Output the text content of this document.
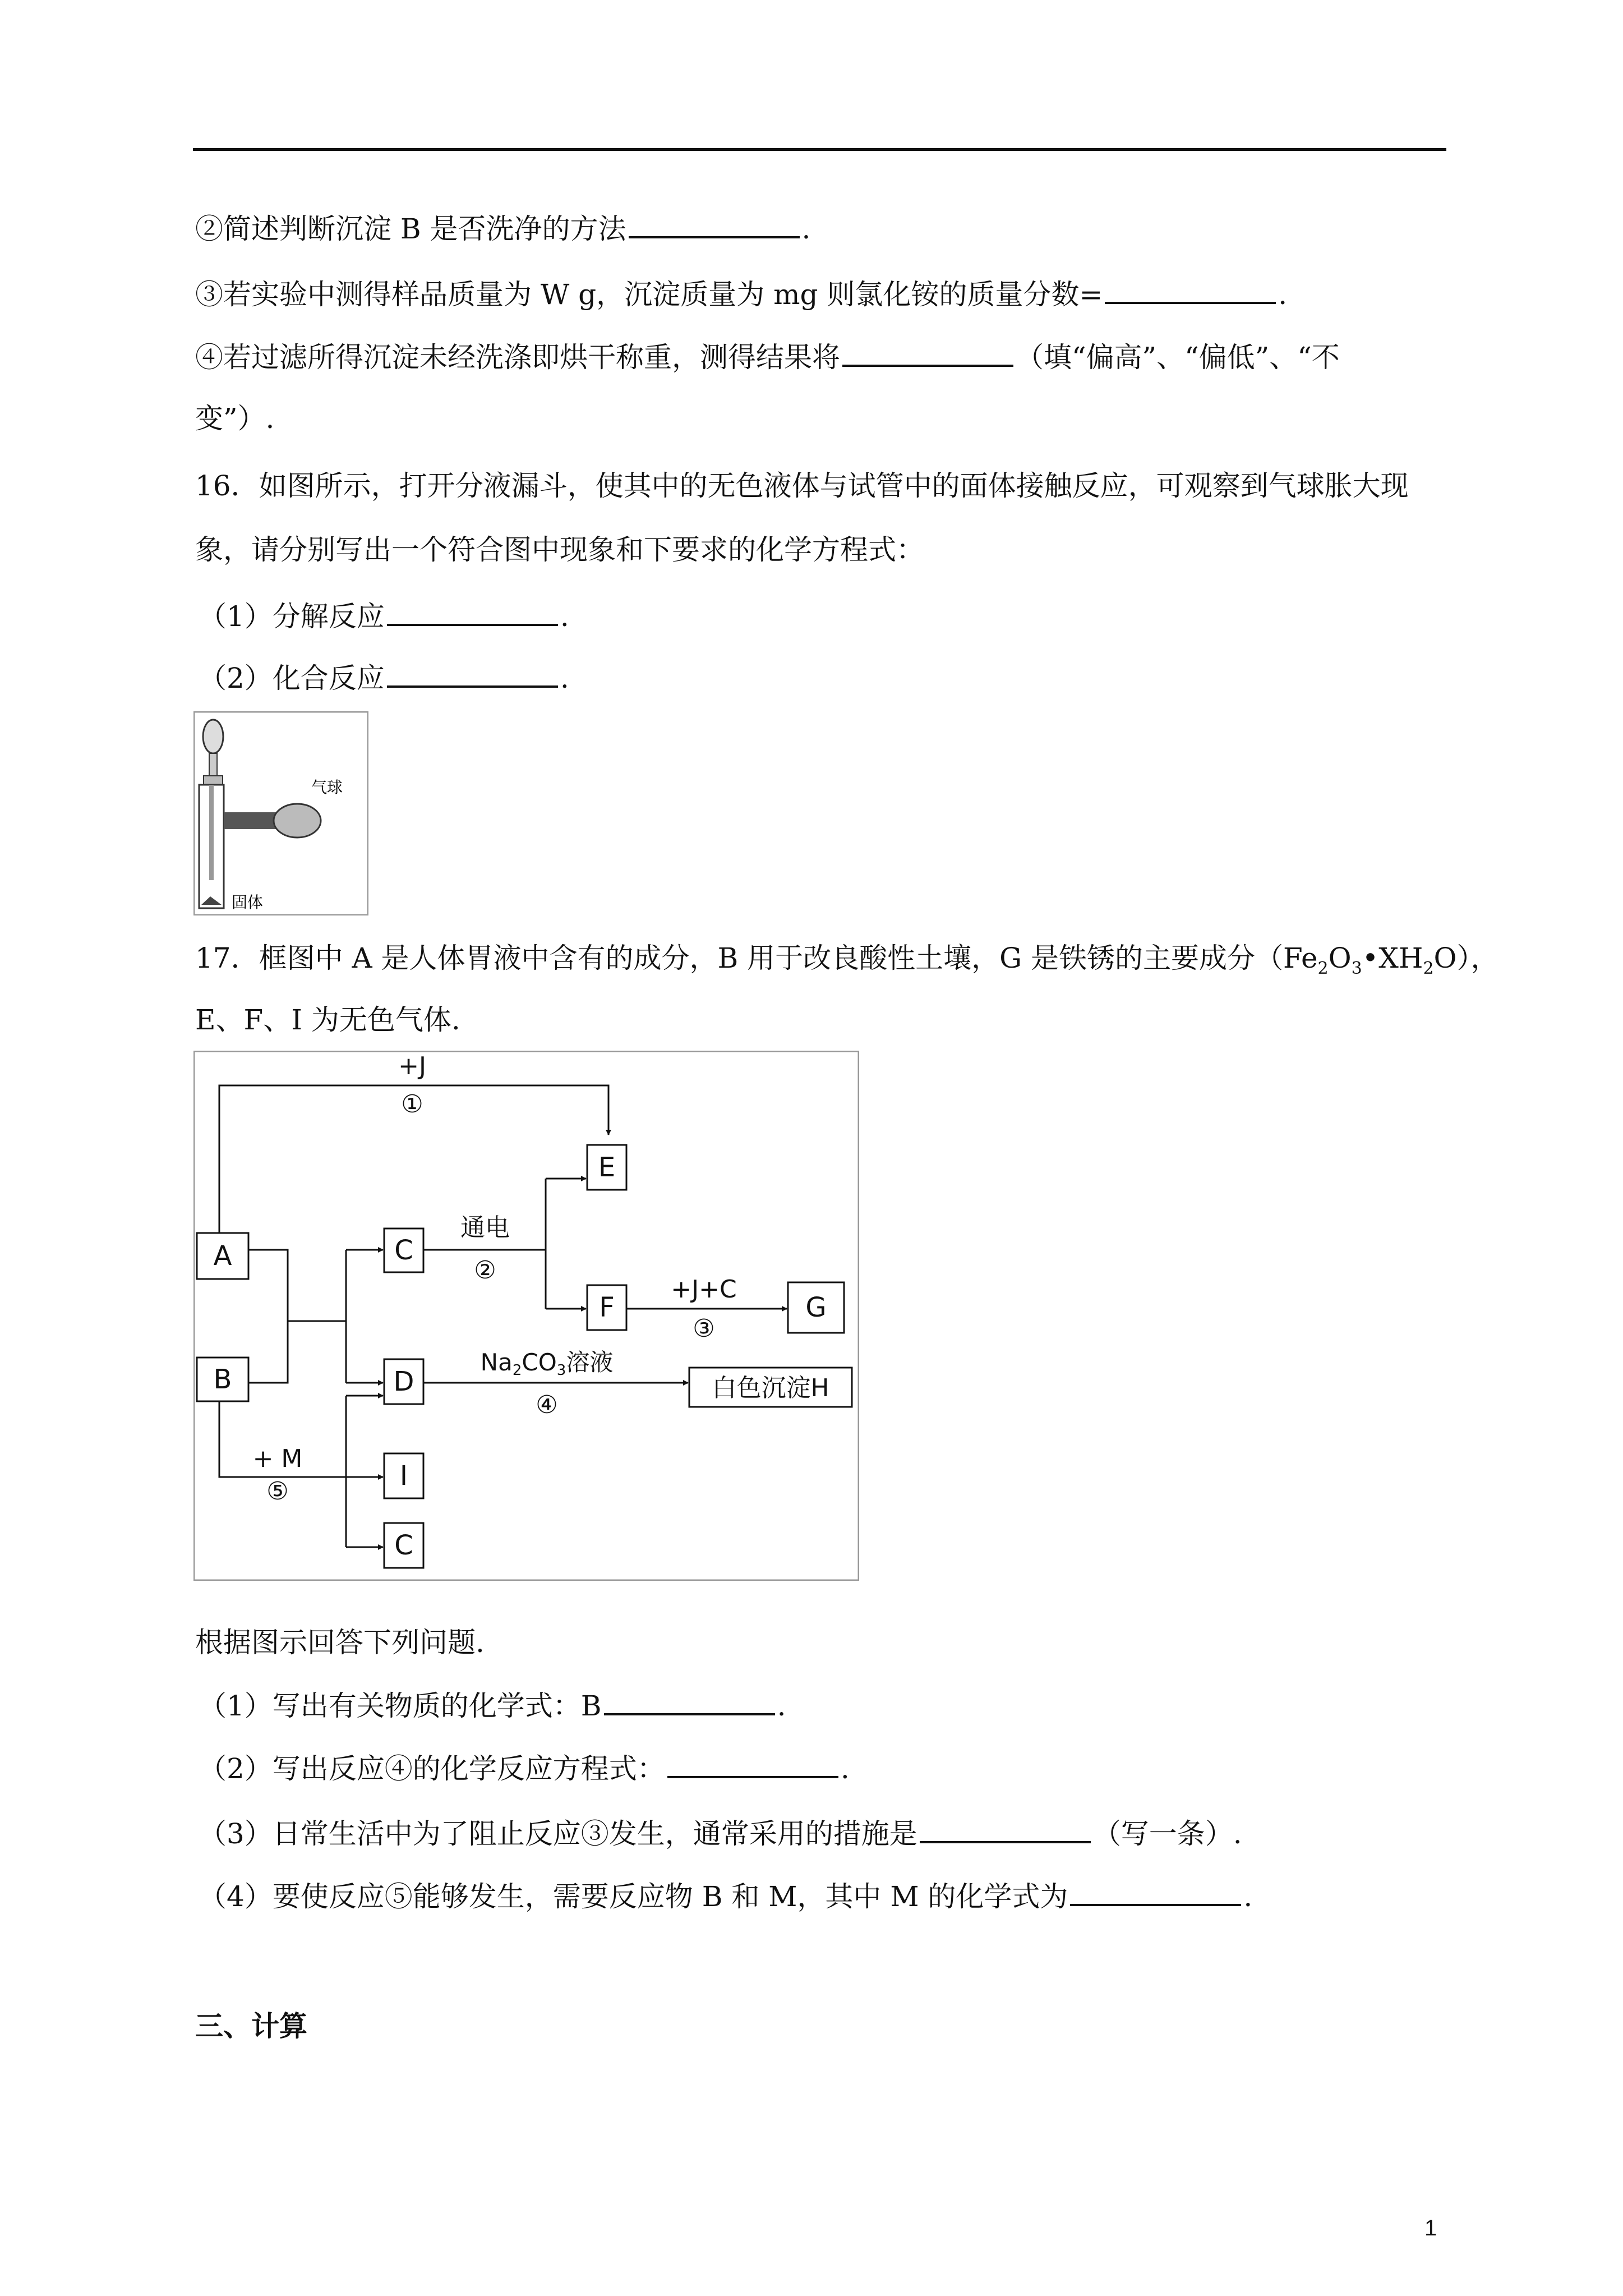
②简述判断沉淀 B 是否洗净的方法	.
③若实验中测得样品质量为 W g，沉淀质量为 mg 则氯化铵的质量分数=	.
④若过滤所得沉淀未经洗涤即烘干称重，测得结果将	（填“偏高”、“偏低”、“不
变”）.
16．如图所示，打开分液漏斗，使其中的无色液体与试管中的面体接触反应，可观察到气球胀大现
象，请分别写出一个符合图中现象和下要求的化学方程式：
（1）分解反应	.
（2）化合反应	.
气球
固体
17．框图中 A 是人体胃液中含有的成分，B 用于改良酸性土壤，G 是铁锈的主要成分$(Fe_2O_3•XH_2O)$，
E、F、I 为无色气体.
A
B
C
D
I
C
E
F	G
白色沉淀H
+J
①
通电
②
+J+C
③
Na2CO3溶液
④
+ M
⑤
根据图示回答下列问题.
（1）写出有关物质的化学式：B	.
（2）写出反应④的化学反应方程式：	.
（3）日常生活中为了阻止反应③发生，通常采用的措施是	（写一条）.
（4）要使反应⑤能够发生，需要反应物 B 和 M，其中 M 的化学式为	.
三、计算
1
